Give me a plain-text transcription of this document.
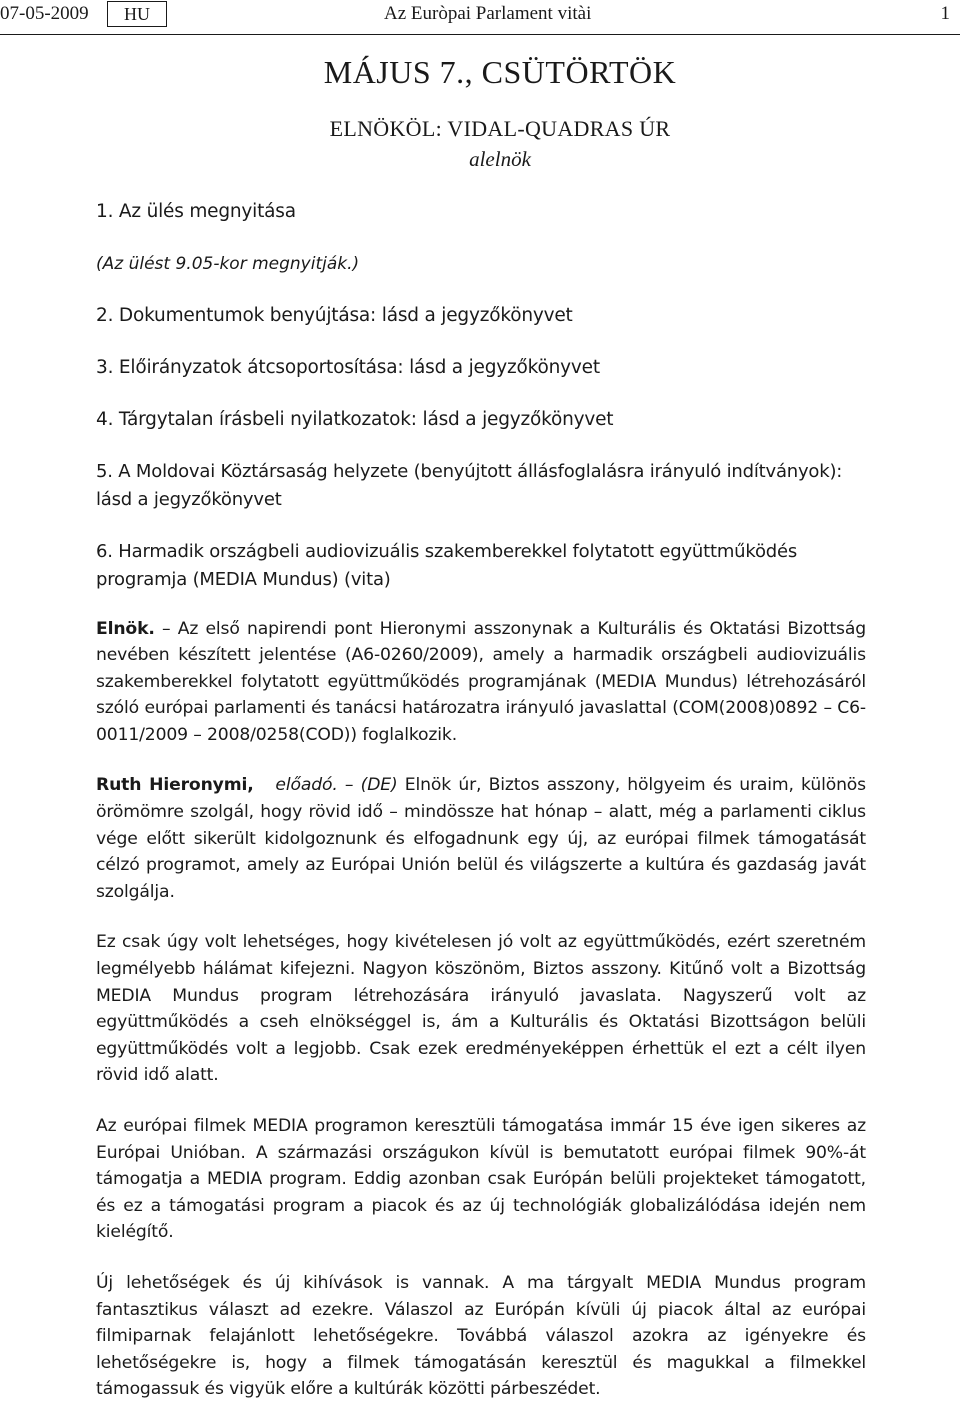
07-05-2009	HU	Az Euròpai Parlament vitài	1
MÁJUS 7., CSÜTÖRTÖK
ELNÖKÖL: VIDAL-QUADRAS ÚR
alelnök

1. Az ülés megnyitása

(Az ülést 9.05-kor megnyitják.)

2. Dokumentumok benyújtása: lásd a jegyzőkönyvet

3. Előirányzatok átcsoportosítása: lásd a jegyzőkönyvet

4. Tárgytalan írásbeli nyilatkozatok: lásd a jegyzőkönyvet

5. A Moldovai Köztársaság helyzete (benyújtott állásfoglalásra irányuló indítványok): lásd a jegyzőkönyvet

6. Harmadik országbeli audiovizuális szakemberekkel folytatott együttműködés programja (MEDIA Mundus) (vita)

Elnök. – Az első napirendi pont Hieronymi asszonynak a Kulturális és Oktatási Bizottság nevében készített jelentése (A6-0260/2009), amely a harmadik országbeli audiovizuális szakemberekkel folytatott együttműködés programjának (MEDIA Mundus) létrehozásáról szóló európai parlamenti és tanácsi határozatra irányuló javaslattal (COM(2008)0892 – C6-0011/2009 – 2008/0258(COD)) foglalkozik.

Ruth Hieronymi, előadó. – (DE) Elnök úr, Biztos asszony, hölgyeim és uraim, különös örömömre szolgál, hogy rövid idő – mindössze hat hónap – alatt, még a parlamenti ciklus vége előtt sikerült kidolgoznunk és elfogadnunk egy új, az európai filmek támogatását célzó programot, amely az Európai Unión belül és világszerte a kultúra és gazdaság javát szolgálja.

Ez csak úgy volt lehetséges, hogy kivételesen jó volt az együttműködés, ezért szeretném legmélyebb hálámat kifejezni. Nagyon köszönöm, Biztos asszony. Kitűnő volt a Bizottság MEDIA Mundus program létrehozására irányuló javaslata. Nagyszerű volt az együttműködés a cseh elnökséggel is, ám a Kulturális és Oktatási Bizottságon belüli együttműködés volt a legjobb. Csak ezek eredményeképpen érhettük el ezt a célt ilyen rövid idő alatt.

Az európai filmek MEDIA programon keresztüli támogatása immár 15 éve igen sikeres az Európai Unióban. A származási országukon kívül is bemutatott európai filmek 90%-át támogatja a MEDIA program. Eddig azonban csak Európán belüli projekteket támogatott, és ez a támogatási program a piacok és az új technológiák globalizálódása idején nem kielégítő.

Új lehetőségek és új kihívások is vannak. A ma tárgyalt MEDIA Mundus program fantasztikus választ ad ezekre. Válaszol az Európán kívüli új piacok által az európai filmiparnak felajánlott lehetőségekre. Továbbá válaszol azokra az igényekre és lehetőségekre is, hogy a filmek támogatásán keresztül és magukkal a filmekkel támogassuk és vigyük előre a kultúrák közötti párbeszédet.
